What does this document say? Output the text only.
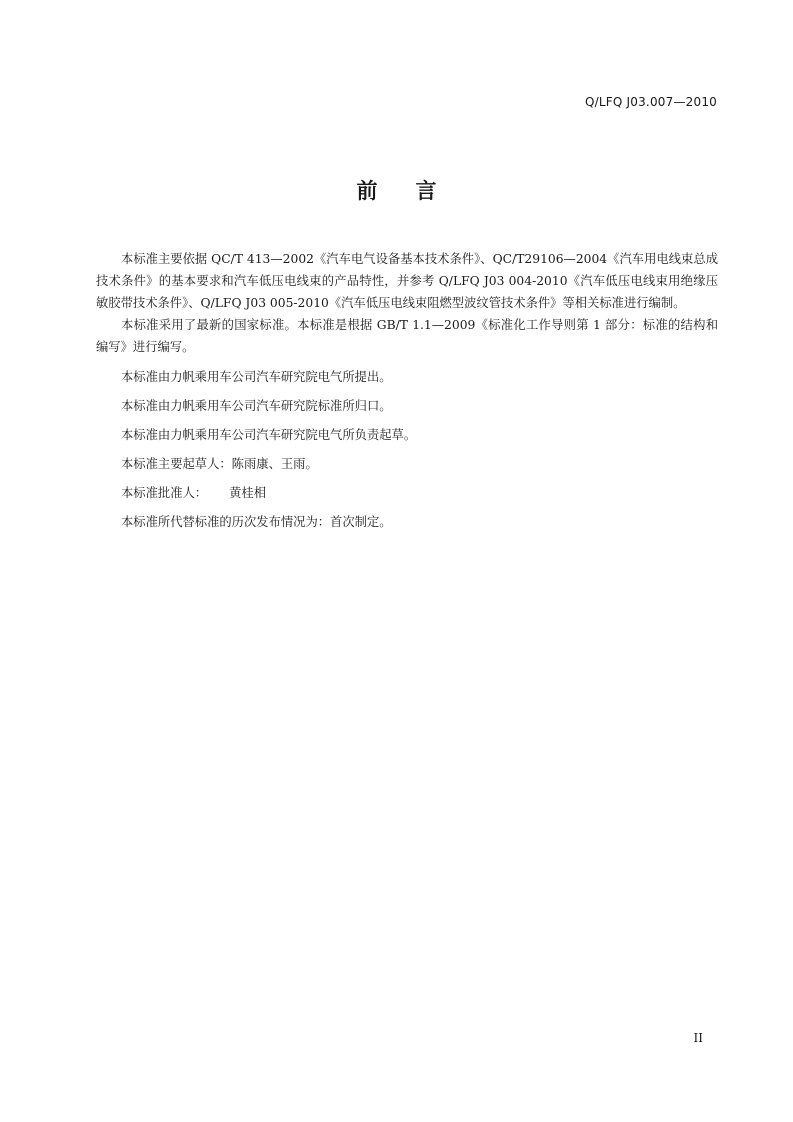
Q/LFQ J03.007—2010
前言

本标准主要依据 QC/T 413—2002《汽车电气设备基本技术条件》、QC/T29106—2004《汽车用电线束总成技术条件》的基本要求和汽车低压电线束的产品特性，并参考 Q/LFQ J03 004-2010《汽车低压电线束用绝缘压敏胶带技术条件》、Q/LFQ J03 005-2010《汽车低压电线束阻燃型波纹管技术条件》等相关标准进行编制。

本标准采用了最新的国家标准。本标准是根据 GB/T 1.1—2009《标准化工作导则第 1 部分：标准的结构和编写》进行编写。

本标准由力帆乘用车公司汽车研究院电气所提出。

本标准由力帆乘用车公司汽车研究院标准所归口。

本标准由力帆乘用车公司汽车研究院电气所负责起草。

本标准主要起草人：陈雨康、王雨。

本标准批准人： 黄桂相

本标准所代替标准的历次发布情况为：首次制定。

II
